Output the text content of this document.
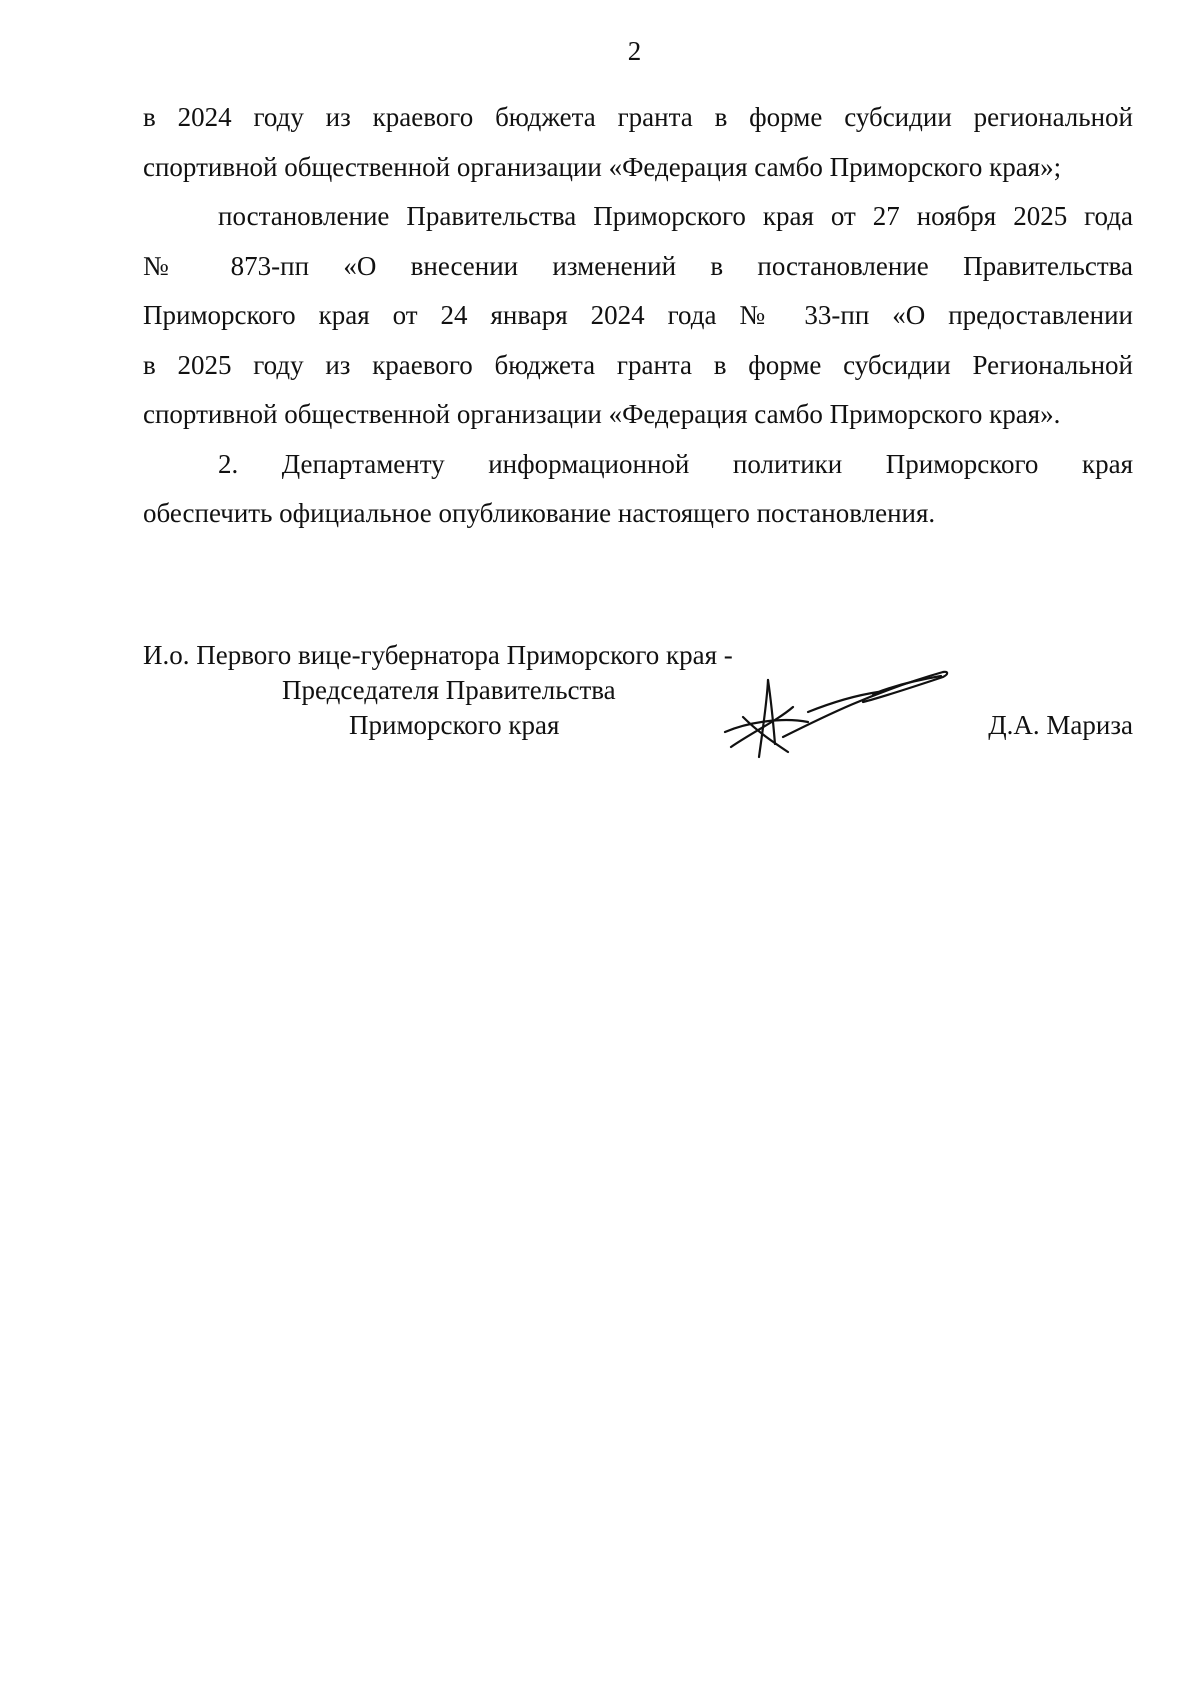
2
в 2024 году из краевого бюджета гранта в форме субсидии региональной
спортивной общественной организации «Федерация самбо Приморского края»;
постановление Правительства Приморского края от 27 ноября 2025 года
№ 873-пп «О внесении изменений в постановление Правительства
Приморского края от 24 января 2024 года № 33-пп «О предоставлении
в 2025 году из краевого бюджета гранта в форме субсидии Региональной
спортивной общественной организации «Федерация самбо Приморского края».
2. Департаменту информационной политики Приморского края
обеспечить официальное опубликование настоящего постановления.
И.о. Первого вице-губернатора Приморского края -
Председателя Правительства
Приморского края	Д.А. Мариза
